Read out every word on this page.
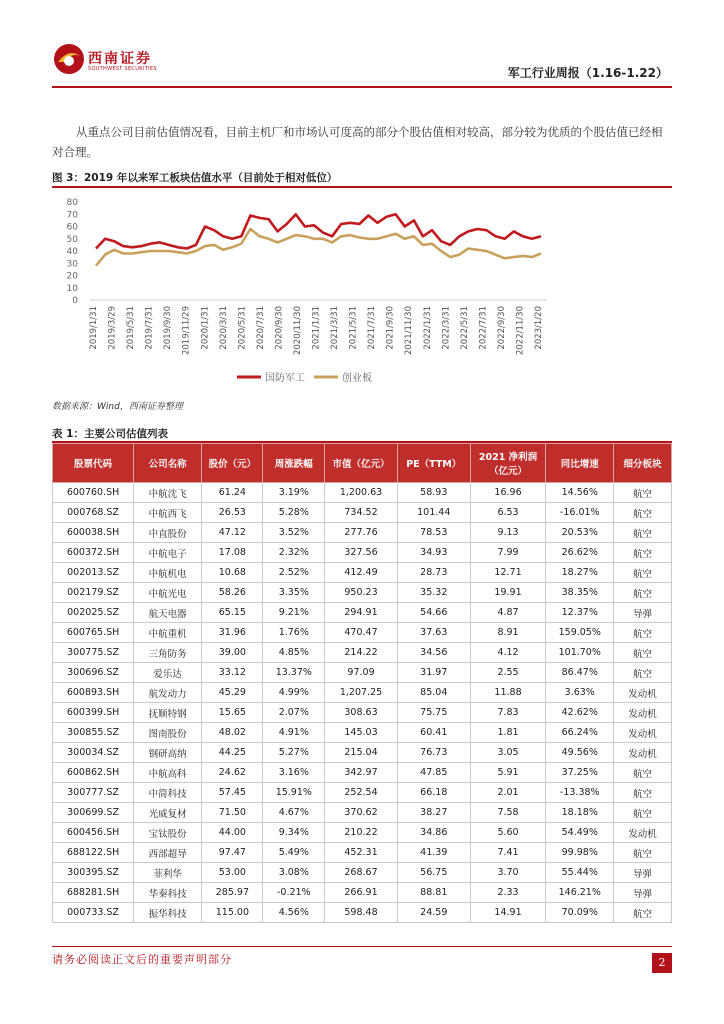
西南证券
SOUTHWEST SECURITIES	军工行业周报（1.16-1.22）
从重点公司目前估值情况看，目前主机厂和市场认可度高的部分个股估值相对较高，部分较为优质的个股估值已经相对合理。
图 3：2019 年以来军工板块估值水平（目前处于相对低位）
0
10
20
30
40
50
60
70
80
2019/1/31 2019/3/29 2019/5/31 2019/7/31 2019/9/30 2019/11/29 2020/1/31 2020/3/31 2020/5/31 2020/7/31 2020/9/30 2020/11/30 2021/1/31 2021/3/31 2021/5/31 2021/7/31 2021/9/30 2021/11/30 2022/1/31 2022/3/31 2022/5/31 2022/7/31 2022/9/30 2022/11/30 2023/1/20
国防军工	创业板
数据来源：Wind，西南证券整理
表 1：主要公司估值列表
股票代码	公司名称	股价（元）	周涨跌幅	市值（亿元）	PE（TTM）	2021 净利润（亿元）	同比增速	细分板块
600760.SH	中航沈飞	61.24	3.19%	1,200.63	58.93	16.96	14.56%	航空
000768.SZ	中航西飞	26.53	5.28%	734.52	101.44	6.53	-16.01%	航空
600038.SH	中直股份	47.12	3.52%	277.76	78.53	9.13	20.53%	航空
600372.SH	中航电子	17.08	2.32%	327.56	34.93	7.99	26.62%	航空
002013.SZ	中航机电	10.68	2.52%	412.49	28.73	12.71	18.27%	航空
002179.SZ	中航光电	58.26	3.35%	950.23	35.32	19.91	38.35%	航空
002025.SZ	航天电器	65.15	9.21%	294.91	54.66	4.87	12.37%	导弹
600765.SH	中航重机	31.96	1.76%	470.47	37.63	8.91	159.05%	航空
300775.SZ	三角防务	39.00	4.85%	214.22	34.56	4.12	101.70%	航空
300696.SZ	爱乐达	33.12	13.37%	97.09	31.97	2.55	86.47%	航空
600893.SH	航发动力	45.29	4.99%	1,207.25	85.04	11.88	3.63%	发动机
600399.SH	抚顺特钢	15.65	2.07%	308.63	75.75	7.83	42.62%	发动机
300855.SZ	图南股份	48.02	4.91%	145.03	60.41	1.81	66.24%	发动机
300034.SZ	钢研高纳	44.25	5.27%	215.04	76.73	3.05	49.56%	发动机
600862.SH	中航高科	24.62	3.16%	342.97	47.85	5.91	37.25%	航空
300777.SZ	中简科技	57.45	15.91%	252.54	66.18	2.01	-13.38%	航空
300699.SZ	光威复材	71.50	4.67%	370.62	38.27	7.58	18.18%	航空
600456.SH	宝钛股份	44.00	9.34%	210.22	34.86	5.60	54.49%	发动机
688122.SH	西部超导	97.47	5.49%	452.31	41.39	7.41	99.98%	航空
300395.SZ	菲利华	53.00	3.08%	268.67	56.75	3.70	55.44%	导弹
688281.SH	华秦科技	285.97	-0.21%	266.91	88.81	2.33	146.21%	导弹
000733.SZ	振华科技	115.00	4.56%	598.48	24.59	14.91	70.09%	航空
请务必阅读正文后的重要声明部分	2
